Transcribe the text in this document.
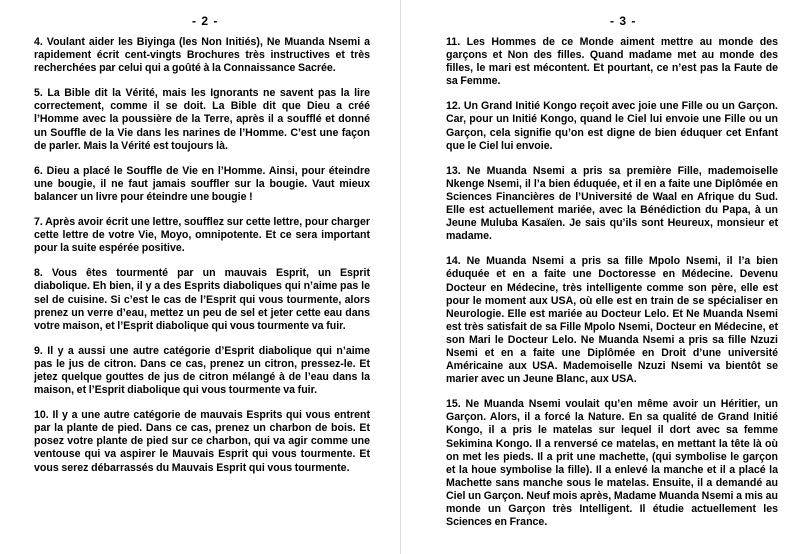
- 2 -	- 3 -

4. Voulant aider les Biyinga (les Non Initiés), Ne Muanda Nsemi a rapidement écrit cent-vingts Brochures très instructives et très recherchées par celui qui a goûté à la Connaissance Sacrée.

5. La Bible dit la Vérité, mais les Ignorants ne savent pas la lire correctement, comme il se doit. La Bible dit que Dieu a créé l’Homme avec la poussière de la Terre, après il a soufflé et donné un Souffle de la Vie dans les narines de l’Homme. C’est une façon de parler. Mais la Vérité est toujours là.

6. Dieu a placé le Souffle de Vie en l’Homme. Ainsi, pour éteindre une bougie, il ne faut jamais souffler sur la bougie. Vaut mieux balancer un livre pour éteindre une bougie !

7. Après avoir écrit une lettre, soufflez sur cette lettre, pour charger cette lettre de votre Vie, Moyo, omnipotente. Et ce sera important pour la suite espérée positive.

8. Vous êtes tourmenté par un mauvais Esprit, un Esprit diabolique. Eh bien, il y a des Esprits diaboliques qui n’aime pas le sel de cuisine. Si c’est le cas de l’Esprit qui vous tourmente, alors prenez un verre d’eau, mettez un peu de sel et jeter cette eau dans votre maison, et l’Esprit diabolique qui vous tourmente va fuir.

9. Il y a aussi une autre catégorie d’Esprit diabolique qui n’aime pas le jus de citron. Dans ce cas, prenez un citron, pressez-le. Et jetez quelque gouttes de jus de citron mélangé à de l’eau dans la maison, et l’Esprit diabolique qui vous tourmente va fuir.

10. Il y a une autre catégorie de mauvais Esprits qui vous entrent par la plante de pied. Dans ce cas, prenez un charbon de bois. Et posez votre plante de pied sur ce charbon, qui va agir comme une ventouse qui va aspirer le Mauvais Esprit qui vous tourmente. Et vous serez débarrassés du Mauvais Esprit qui vous tourmente.

11. Les Hommes de ce Monde aiment mettre au monde des garçons et Non des filles. Quand madame met au monde des filles, le mari est mécontent. Et pourtant, ce n’est pas la Faute de sa Femme.

12. Un Grand Initié Kongo reçoit avec joie une Fille ou un Garçon. Car, pour un Initié Kongo, quand le Ciel lui envoie une Fille ou un Garçon, cela signifie qu’on est digne de bien éduquer cet Enfant que le Ciel lui envoie.

13. Ne Muanda Nsemi a pris sa première Fille, mademoiselle Nkenge Nsemi, il l’a bien éduquée, et il en a faite une Diplômée en Sciences Financières de l’Université de Waal en Afrique du Sud. Elle est actuellement mariée, avec la Bénédiction du Papa, à un Jeune Muluba Kasaïen. Je sais qu’ils sont Heureux, monsieur et madame.

14. Ne Muanda Nsemi a pris sa fille Mpolo Nsemi, il l’a bien éduquée et en a faite une Doctoresse en Médecine. Devenu Docteur en Médecine, très intelligente comme son père, elle est pour le moment aux USA, où elle est en train de se spécialiser en Neurologie. Elle est mariée au Docteur Lelo. Et Ne Muanda Nsemi est très satisfait de sa Fille Mpolo Nsemi, Docteur en Médecine, et son Mari le Docteur Lelo. Ne Muanda Nsemi a pris sa fille Nzuzi Nsemi et en a faite une Diplômée en Droit d’une université Américaine aux USA. Mademoiselle Nzuzi Nsemi va bientôt se marier avec un Jeune Blanc, aux USA.

15. Ne Muanda Nsemi voulait qu’en même avoir un Héritier, un Garçon. Alors, il a forcé la Nature. En sa qualité de Grand Initié Kongo, il a pris le matelas sur lequel il dort avec sa femme Sekimina Kongo. Il a renversé ce matelas, en mettant la tête là où on met les pieds. Il a prit une machette, (qui symbolise le garçon et la houe symbolise la fille). Il a enlevé la manche et il a placé la Machette sans manche sous le matelas. Ensuite, il a demandé au Ciel un Garçon. Neuf mois après, Madame Muanda Nsemi a mis au monde un Garçon très Intelligent. Il étudie actuellement les Sciences en France.
